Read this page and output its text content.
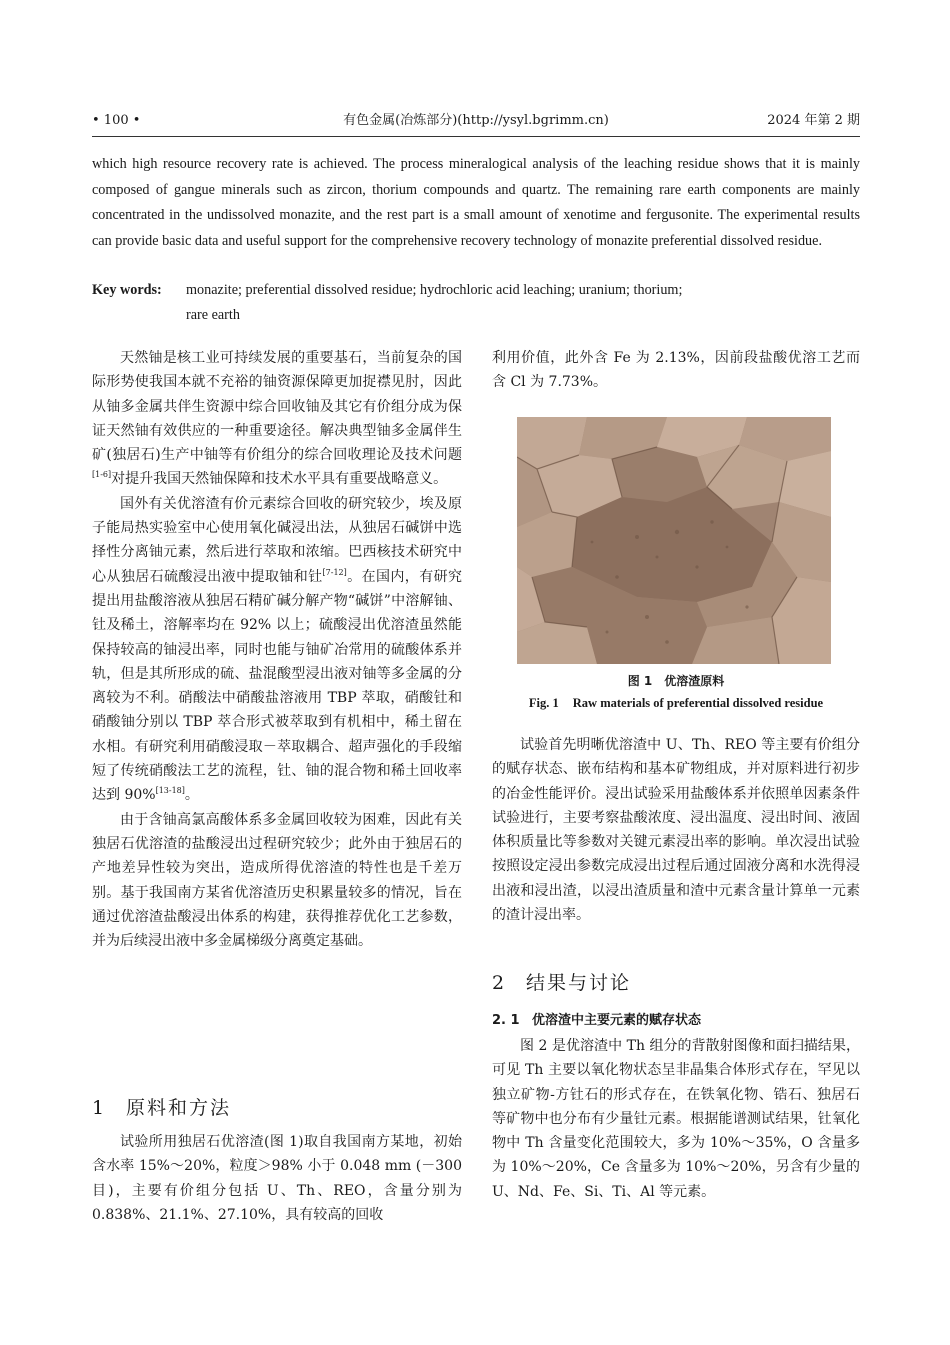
• 100 •	有色金属(冶炼部分)(http://ysyl.bgrimm.cn)	2024 年第 2 期
which high resource recovery rate is achieved. The process mineralogical analysis of the leaching residue shows that it is mainly composed of gangue minerals such as zircon, thorium compounds and quartz. The remaining rare earth components are mainly concentrated in the undissolved monazite, and the rest part is a small amount of xenotime and fergusonite. The experimental results can provide basic data and useful support for the comprehensive recovery technology of monazite preferential dissolved residue.
Key words: monazite; preferential dissolved residue; hydrochloric acid leaching; uranium; thorium;
rare earth

天然铀是核工业可持续发展的重要基石，当前复杂的国际形势使我国本就不充裕的铀资源保障更加捉襟见肘，因此从铀多金属共伴生资源中综合回收铀及其它有价组分成为保证天然铀有效供应的一种重要途径。解决典型铀多金属伴生矿(独居石)生产中铀等有价组分的综合回收理论及技术问题[1-6]对提升我国天然铀保障和技术水平具有重要战略意义。

国外有关优溶渣有价元素综合回收的研究较少，埃及原子能局热实验室中心使用氧化碱浸出法，从独居石碱饼中选择性分离铀元素，然后进行萃取和浓缩。巴西核技术研究中心从独居石硫酸浸出液中提取铀和钍[7-12]。在国内，有研究提出用盐酸溶液从独居石精矿碱分解产物“碱饼”中溶解铀、钍及稀土，溶解率均在 92% 以上；硫酸浸出优溶渣虽然能保持较高的铀浸出率，同时也能与铀矿冶常用的硫酸体系并轨，但是其所形成的硫、盐混酸型浸出液对铀等多金属的分离较为不利。硝酸法中硝酸盐溶液用 TBP 萃取，硝酸钍和硝酸铀分别以 TBP 萃合形式被萃取到有机相中，稀土留在水相。有研究利用硝酸浸取－萃取耦合、超声强化的手段缩短了传统硝酸法工艺的流程，钍、铀的混合物和稀土回收率达到 90%[13-18]。

由于含铀高氯高酸体系多金属回收较为困难，因此有关独居石优溶渣的盐酸浸出过程研究较少；此外由于独居石的产地差异性较为突出，造成所得优溶渣的特性也是千差万别。基于我国南方某省优溶渣历史积累量较多的情况，旨在通过优溶渣盐酸浸出体系的构建，获得推荐优化工艺参数，并为后续浸出液中多金属梯级分离奠定基础。

1 原料和方法

试验所用独居石优溶渣(图 1)取自我国南方某地，初始含水率 15%～20%，粒度＞98% 小于 0.048 mm (－300 目)，主要有价组分包括 U、Th、REO，含量分别为 0.838%、21.1%、27.10%，具有较高的回收

利用价值，此外含 Fe 为 2.13%，因前段盐酸优溶工艺而含 Cl 为 7.73%。

图 1　优溶渣原料
Fig. 1 Raw materials of preferential dissolved residue

试验首先明晰优溶渣中 U、Th、REO 等主要有价组分的赋存状态、嵌布结构和基本矿物组成，并对原料进行初步的冶金性能评价。浸出试验采用盐酸体系并依照单因素条件试验进行，主要考察盐酸浓度、浸出温度、浸出时间、液固体积质量比等参数对关键元素浸出率的影响。单次浸出试验按照设定浸出参数完成浸出过程后通过固液分离和水洗得浸出液和浸出渣，以浸出渣质量和渣中元素含量计算单一元素的渣计浸出率。

2 结果与讨论
2. 1 优溶渣中主要元素的赋存状态

图 2 是优溶渣中 Th 组分的背散射图像和面扫描结果，可见 Th 主要以氧化物状态呈非晶集合体形式存在，罕见以独立矿物-方钍石的形式存在，在铁氧化物、锆石、独居石等矿物中也分布有少量钍元素。根据能谱测试结果，钍氧化物中 Th 含量变化范围较大，多为 10%～35%，O 含量多为 10%～20%，Ce 含量多为 10%～20%，另含有少量的 U、Nd、Fe、Si、Ti、Al 等元素。
